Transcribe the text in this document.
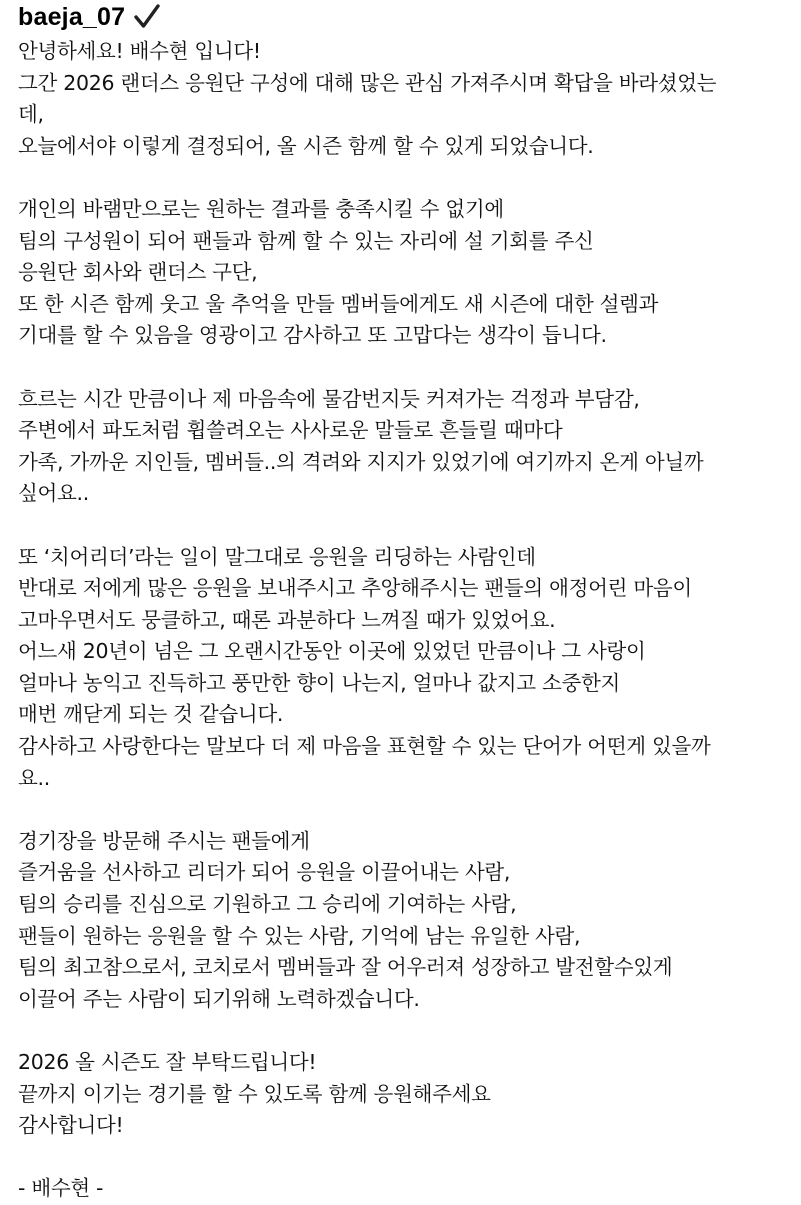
baeja_07
안녕하세요! 배수현 입니다!
그간 2026 랜더스 응원단 구성에 대해 많은 관심 가져주시며 확답을 바라셨었는
데,
오늘에서야 이렇게 결정되어, 올 시즌 함께 할 수 있게 되었습니다.
개인의 바램만으로는 원하는 결과를 충족시킬 수 없기에
팀의 구성원이 되어 팬들과 함께 할 수 있는 자리에 설 기회를 주신
응원단 회사와 랜더스 구단,
또 한 시즌 함께 웃고 울 추억을 만들 멤버들에게도 새 시즌에 대한 설렘과
기대를 할 수 있음을 영광이고 감사하고 또 고맙다는 생각이 듭니다.
흐르는 시간 만큼이나 제 마음속에 물감번지듯 커져가는 걱정과 부담감,
주변에서 파도처럼 휩쓸려오는 사사로운 말들로 흔들릴 때마다
가족, 가까운 지인들, 멤버들..의 격려와 지지가 있었기에 여기까지 온게 아닐까
싶어요..
또 ‘치어리더’라는 일이 말그대로 응원을 리딩하는 사람인데
반대로 저에게 많은 응원을 보내주시고 추앙해주시는 팬들의 애정어린 마음이
고마우면서도 뭉클하고, 때론 과분하다 느껴질 때가 있었어요.
어느새 20년이 넘은 그 오랜시간동안 이곳에 있었던 만큼이나 그 사랑이
얼마나 농익고 진득하고 풍만한 향이 나는지, 얼마나 값지고 소중한지
매번 깨닫게 되는 것 같습니다.
감사하고 사랑한다는 말보다 더 제 마음을 표현할 수 있는 단어가 어떤게 있을까
요..
경기장을 방문해 주시는 팬들에게
즐거움을 선사하고 리더가 되어 응원을 이끌어내는 사람,
팀의 승리를 진심으로 기원하고 그 승리에 기여하는 사람,
팬들이 원하는 응원을 할 수 있는 사람, 기억에 남는 유일한 사람,
팀의 최고참으로서, 코치로서 멤버들과 잘 어우러져 성장하고 발전할수있게
이끌어 주는 사람이 되기위해 노력하겠습니다.
2026 올 시즌도 잘 부탁드립니다!
끝까지 이기는 경기를 할 수 있도록 함께 응원해주세요
감사합니다!
- 배수현 -
